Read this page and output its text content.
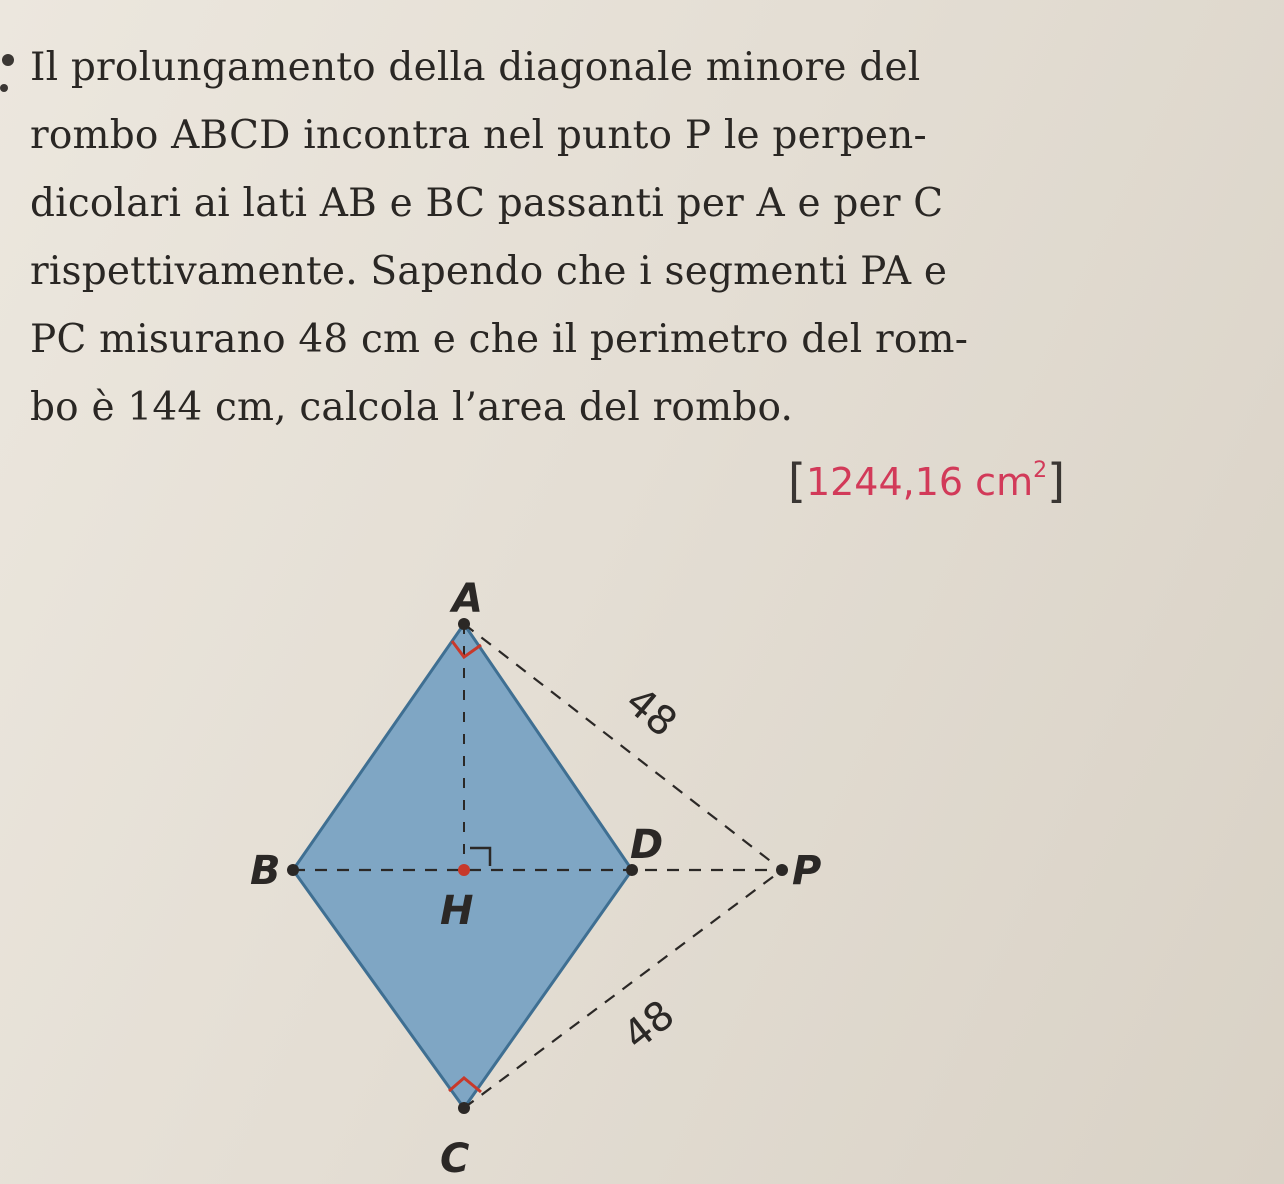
Il prolungamento della diagonale minore del
rombo ABCD incontra nel punto P le perpen-
dicolari ai lati AB e BC passanti per A e per C
rispettivamente. Sapendo che i segmenti PA e
PC misurano 48 cm e che il perimetro del rom-
bo è 144 cm, calcola l’area del rombo.
[1244,16 $cm^2$]
A
B
C
D
H
P
48
48
